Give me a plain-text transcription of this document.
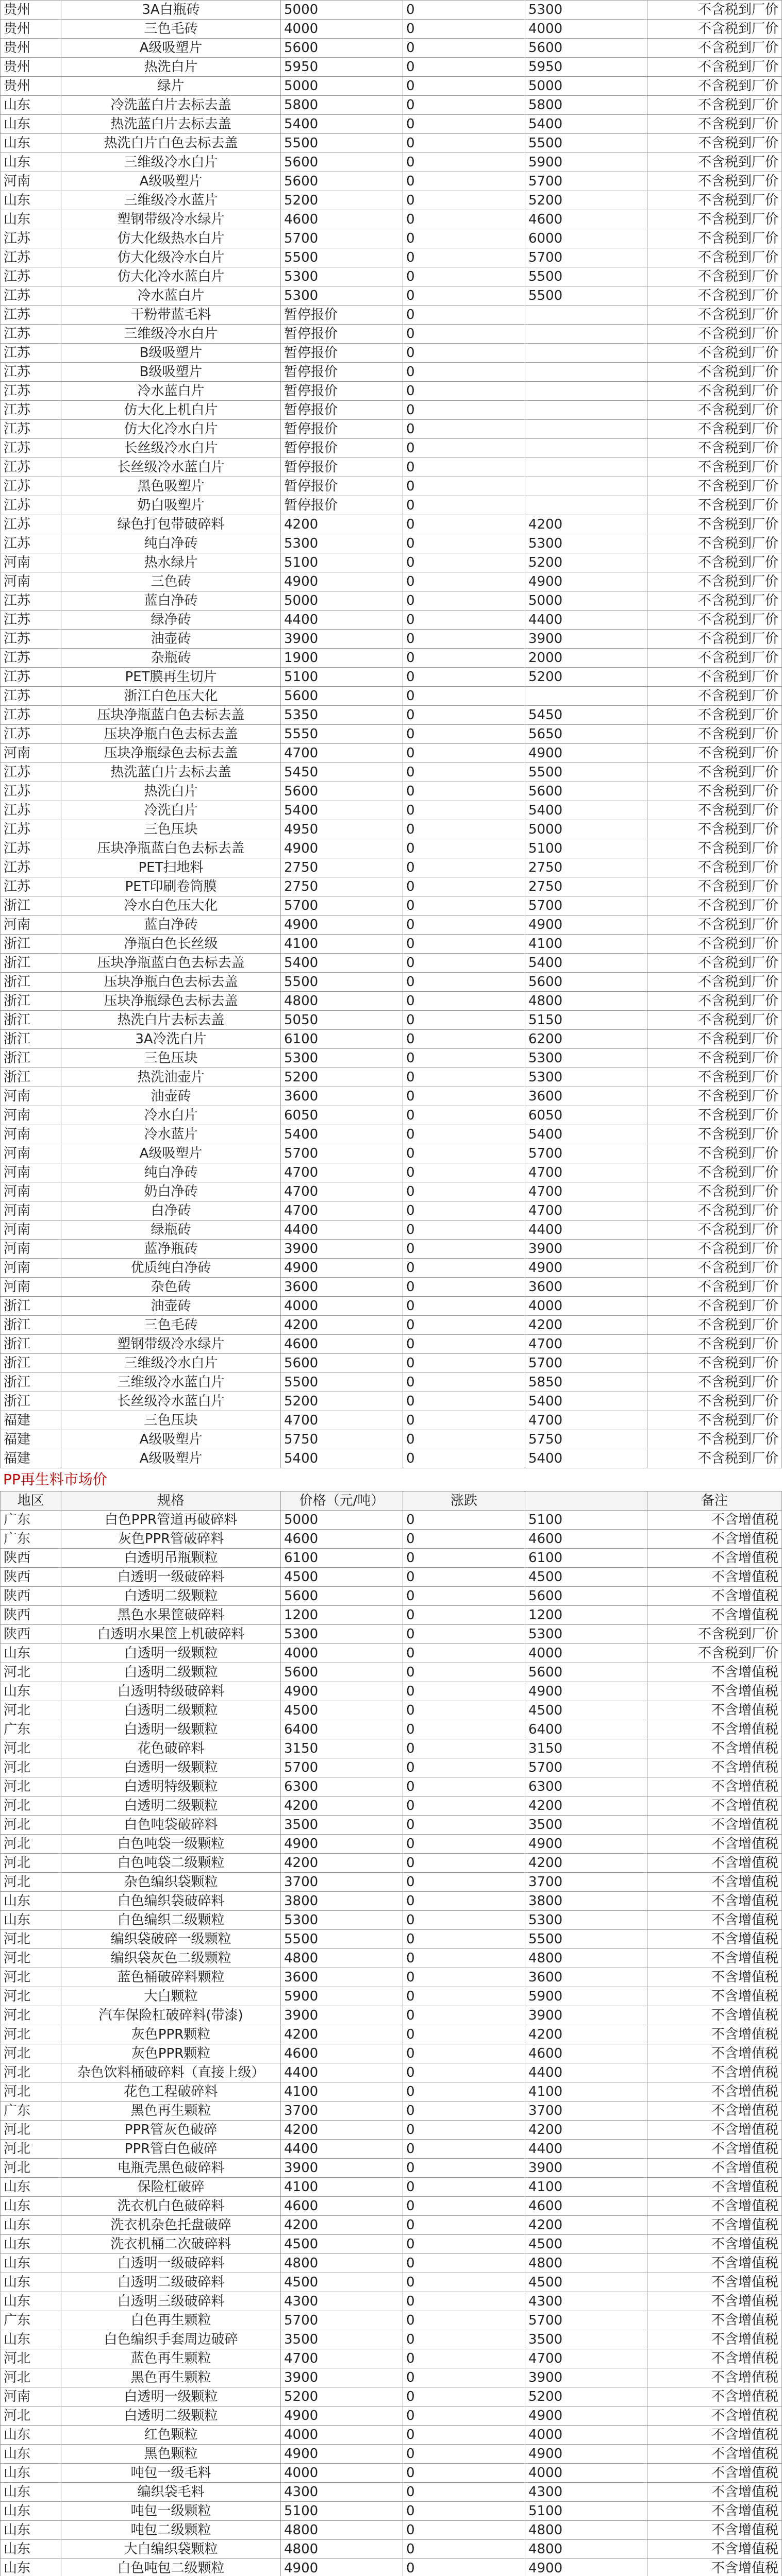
贵州	3A白瓶砖	5000	0	5300	不含税到厂价
贵州	三色毛砖	4000	0	4000	不含税到厂价
贵州	A级吸塑片	5600	0	5600	不含税到厂价
贵州	热洗白片	5950	0	5950	不含税到厂价
贵州	绿片	5000	0	5000	不含税到厂价
山东	冷洗蓝白片去标去盖	5800	0	5800	不含税到厂价
山东	热洗蓝白片去标去盖	5400	0	5400	不含税到厂价
山东	热洗白片白色去标去盖	5500	0	5500	不含税到厂价
山东	三维级冷水白片	5600	0	5900	不含税到厂价
河南	A级吸塑片	5600	0	5700	不含税到厂价
山东	三维级冷水蓝片	5200	0	5200	不含税到厂价
山东	塑钢带级冷水绿片	4600	0	4600	不含税到厂价
江苏	仿大化级热水白片	5700	0	6000	不含税到厂价
江苏	仿大化级冷水白片	5500	0	5700	不含税到厂价
江苏	仿大化冷水蓝白片	5300	0	5500	不含税到厂价
江苏	冷水蓝白片	5300	0	5500	不含税到厂价
江苏	干粉带蓝毛料	暂停报价	0		不含税到厂价
江苏	三维级冷水白片	暂停报价	0		不含税到厂价
江苏	B级吸塑片	暂停报价	0		不含税到厂价
江苏	B级吸塑片	暂停报价	0		不含税到厂价
江苏	冷水蓝白片	暂停报价	0		不含税到厂价
江苏	仿大化上机白片	暂停报价	0		不含税到厂价
江苏	仿大化冷水白片	暂停报价	0		不含税到厂价
江苏	长丝级冷水白片	暂停报价	0		不含税到厂价
江苏	长丝级冷水蓝白片	暂停报价	0		不含税到厂价
江苏	黑色吸塑片	暂停报价	0		不含税到厂价
江苏	奶白吸塑片	暂停报价	0		不含税到厂价
江苏	绿色打包带破碎料	4200	0	4200	不含税到厂价
江苏	纯白净砖	5300	0	5300	不含税到厂价
河南	热水绿片	5100	0	5200	不含税到厂价
河南	三色砖	4900	0	4900	不含税到厂价
江苏	蓝白净砖	5000	0	5000	不含税到厂价
江苏	绿净砖	4400	0	4400	不含税到厂价
江苏	油壶砖	3900	0	3900	不含税到厂价
江苏	杂瓶砖	1900	0	2000	不含税到厂价
江苏	PET膜再生切片	5100	0	5200	不含税到厂价
江苏	浙江白色压大化	5600	0		不含税到厂价
江苏	压块净瓶蓝白色去标去盖	5350	0	5450	不含税到厂价
江苏	压块净瓶白色去标去盖	5550	0	5650	不含税到厂价
河南	压块净瓶绿色去标去盖	4700	0	4900	不含税到厂价
江苏	热洗蓝白片去标去盖	5450	0	5500	不含税到厂价
江苏	热洗白片	5600	0	5600	不含税到厂价
江苏	冷洗白片	5400	0	5400	不含税到厂价
江苏	三色压块	4950	0	5000	不含税到厂价
江苏	压块净瓶蓝白色去标去盖	4900	0	5100	不含税到厂价
江苏	PET扫地料	2750	0	2750	不含税到厂价
江苏	PET印刷卷筒膜	2750	0	2750	不含税到厂价
浙江	冷水白色压大化	5700	0	5700	不含税到厂价
河南	蓝白净砖	4900	0	4900	不含税到厂价
浙江	净瓶白色长丝级	4100	0	4100	不含税到厂价
浙江	压块净瓶蓝白色去标去盖	5400	0	5400	不含税到厂价
浙江	压块净瓶白色去标去盖	5500	0	5600	不含税到厂价
浙江	压块净瓶绿色去标去盖	4800	0	4800	不含税到厂价
浙江	热洗白片去标去盖	5050	0	5150	不含税到厂价
浙江	3A冷洗白片	6100	0	6200	不含税到厂价
浙江	三色压块	5300	0	5300	不含税到厂价
浙江	热洗油壶片	5200	0	5300	不含税到厂价
河南	油壶砖	3600	0	3600	不含税到厂价
河南	冷水白片	6050	0	6050	不含税到厂价
河南	冷水蓝片	5400	0	5400	不含税到厂价
河南	A级吸塑片	5700	0	5700	不含税到厂价
河南	纯白净砖	4700	0	4700	不含税到厂价
河南	奶白净砖	4700	0	4700	不含税到厂价
河南	白净砖	4700	0	4700	不含税到厂价
河南	绿瓶砖	4400	0	4400	不含税到厂价
河南	蓝净瓶砖	3900	0	3900	不含税到厂价
河南	优质纯白净砖	4900	0	4900	不含税到厂价
河南	杂色砖	3600	0	3600	不含税到厂价
浙江	油壶砖	4000	0	4000	不含税到厂价
浙江	三色毛砖	4200	0	4200	不含税到厂价
浙江	塑钢带级冷水绿片	4600	0	4700	不含税到厂价
浙江	三维级冷水白片	5600	0	5700	不含税到厂价
浙江	三维级冷水蓝白片	5500	0	5850	不含税到厂价
浙江	长丝级冷水蓝白片	5200	0	5400	不含税到厂价
福建	三色压块	4700	0	4700	不含税到厂价
福建	A级吸塑片	5750	0	5750	不含税到厂价
福建	A级吸塑片	5400	0	5400	不含税到厂价
PP再生料市场价
地区	规格	价格（元/吨）	涨跌		备注
广东	白色PPR管道再破碎料	5000	0	5100	不含增值税
广东	灰色PPR管破碎料	4600	0	4600	不含增值税
陕西	白透明吊瓶颗粒	6100	0	6100	不含增值税
陕西	白透明一级破碎料	4500	0	4500	不含增值税
陕西	白透明二级颗粒	5600	0	5600	不含增值税
陕西	黑色水果筐破碎料	1200	0	1200	不含增值税
陕西	白透明水果筐上机破碎料	5300	0	5300	不含税到厂价
山东	白透明一级颗粒	4000	0	4000	不含税到厂价
河北	白透明二级颗粒	5600	0	5600	不含增值税
山东	白透明特级破碎料	4900	0	4900	不含增值税
河北	白透明二级颗粒	4500	0	4500	不含增值税
广东	白透明一级颗粒	6400	0	6400	不含增值税
河北	花色破碎料	3150	0	3150	不含增值税
河北	白透明一级颗粒	5700	0	5700	不含增值税
河北	白透明特级颗粒	6300	0	6300	不含增值税
河北	白透明二级颗粒	4200	0	4200	不含增值税
河北	白色吨袋破碎料	3500	0	3500	不含增值税
河北	白色吨袋一级颗粒	4900	0	4900	不含增值税
河北	白色吨袋二级颗粒	4200	0	4200	不含增值税
河北	杂色编织袋颗粒	3700	0	3700	不含增值税
山东	白色编织袋破碎料	3800	0	3800	不含增值税
山东	白色编织二级颗粒	5300	0	5300	不含增值税
河北	编织袋破碎一级颗粒	5500	0	5500	不含增值税
河北	编织袋灰色二级颗粒	4800	0	4800	不含增值税
河北	蓝色桶破碎料颗粒	3600	0	3600	不含增值税
河北	大白颗粒	5900	0	5900	不含增值税
河北	汽车保险杠破碎料(带漆)	3900	0	3900	不含增值税
河北	灰色PPR颗粒	4200	0	4200	不含增值税
河北	灰色PPR颗粒	4600	0	4600	不含增值税
河北	杂色饮料桶破碎料（直接上级）	4400	0	4400	不含增值税
河北	花色工程破碎料	4100	0	4100	不含增值税
广东	黑色再生颗粒	3700	0	3700	不含增值税
河北	PPR管灰色破碎	4200	0	4200	不含增值税
河北	PPR管白色破碎	4400	0	4400	不含增值税
河北	电瓶壳黑色破碎料	3900	0	3900	不含增值税
山东	保险杠破碎	4100	0	4100	不含增值税
山东	洗衣机白色破碎料	4600	0	4600	不含增值税
山东	洗衣机杂色托盘破碎	4200	0	4200	不含增值税
山东	洗衣机桶二次破碎料	4500	0	4500	不含增值税
山东	白透明一级破碎料	4800	0	4800	不含增值税
山东	白透明二级破碎料	4500	0	4500	不含增值税
山东	白透明三级破碎料	4300	0	4300	不含增值税
广东	白色再生颗粒	5700	0	5700	不含增值税
山东	白色编织手套周边破碎	3500	0	3500	不含增值税
河北	蓝色再生颗粒	4700	0	4700	不含增值税
河北	黑色再生颗粒	3900	0	3900	不含增值税
河南	白透明一级颗粒	5200	0	5200	不含增值税
河北	白透明二级颗粒	4900	0	4900	不含增值税
山东	红色颗粒	4000	0	4000	不含增值税
山东	黑色颗粒	4900	0	4900	不含增值税
山东	吨包一级毛料	4000	0	4000	不含增值税
山东	编织袋毛料	4300	0	4300	不含增值税
山东	吨包一级颗粒	5100	0	5100	不含增值税
山东	吨包二级颗粒	4800	0	4800	不含增值税
山东	大白编织袋颗粒	4800	0	4800	不含增值税
山东	白色吨包二级颗粒	4900	0	4900	不含增值税
